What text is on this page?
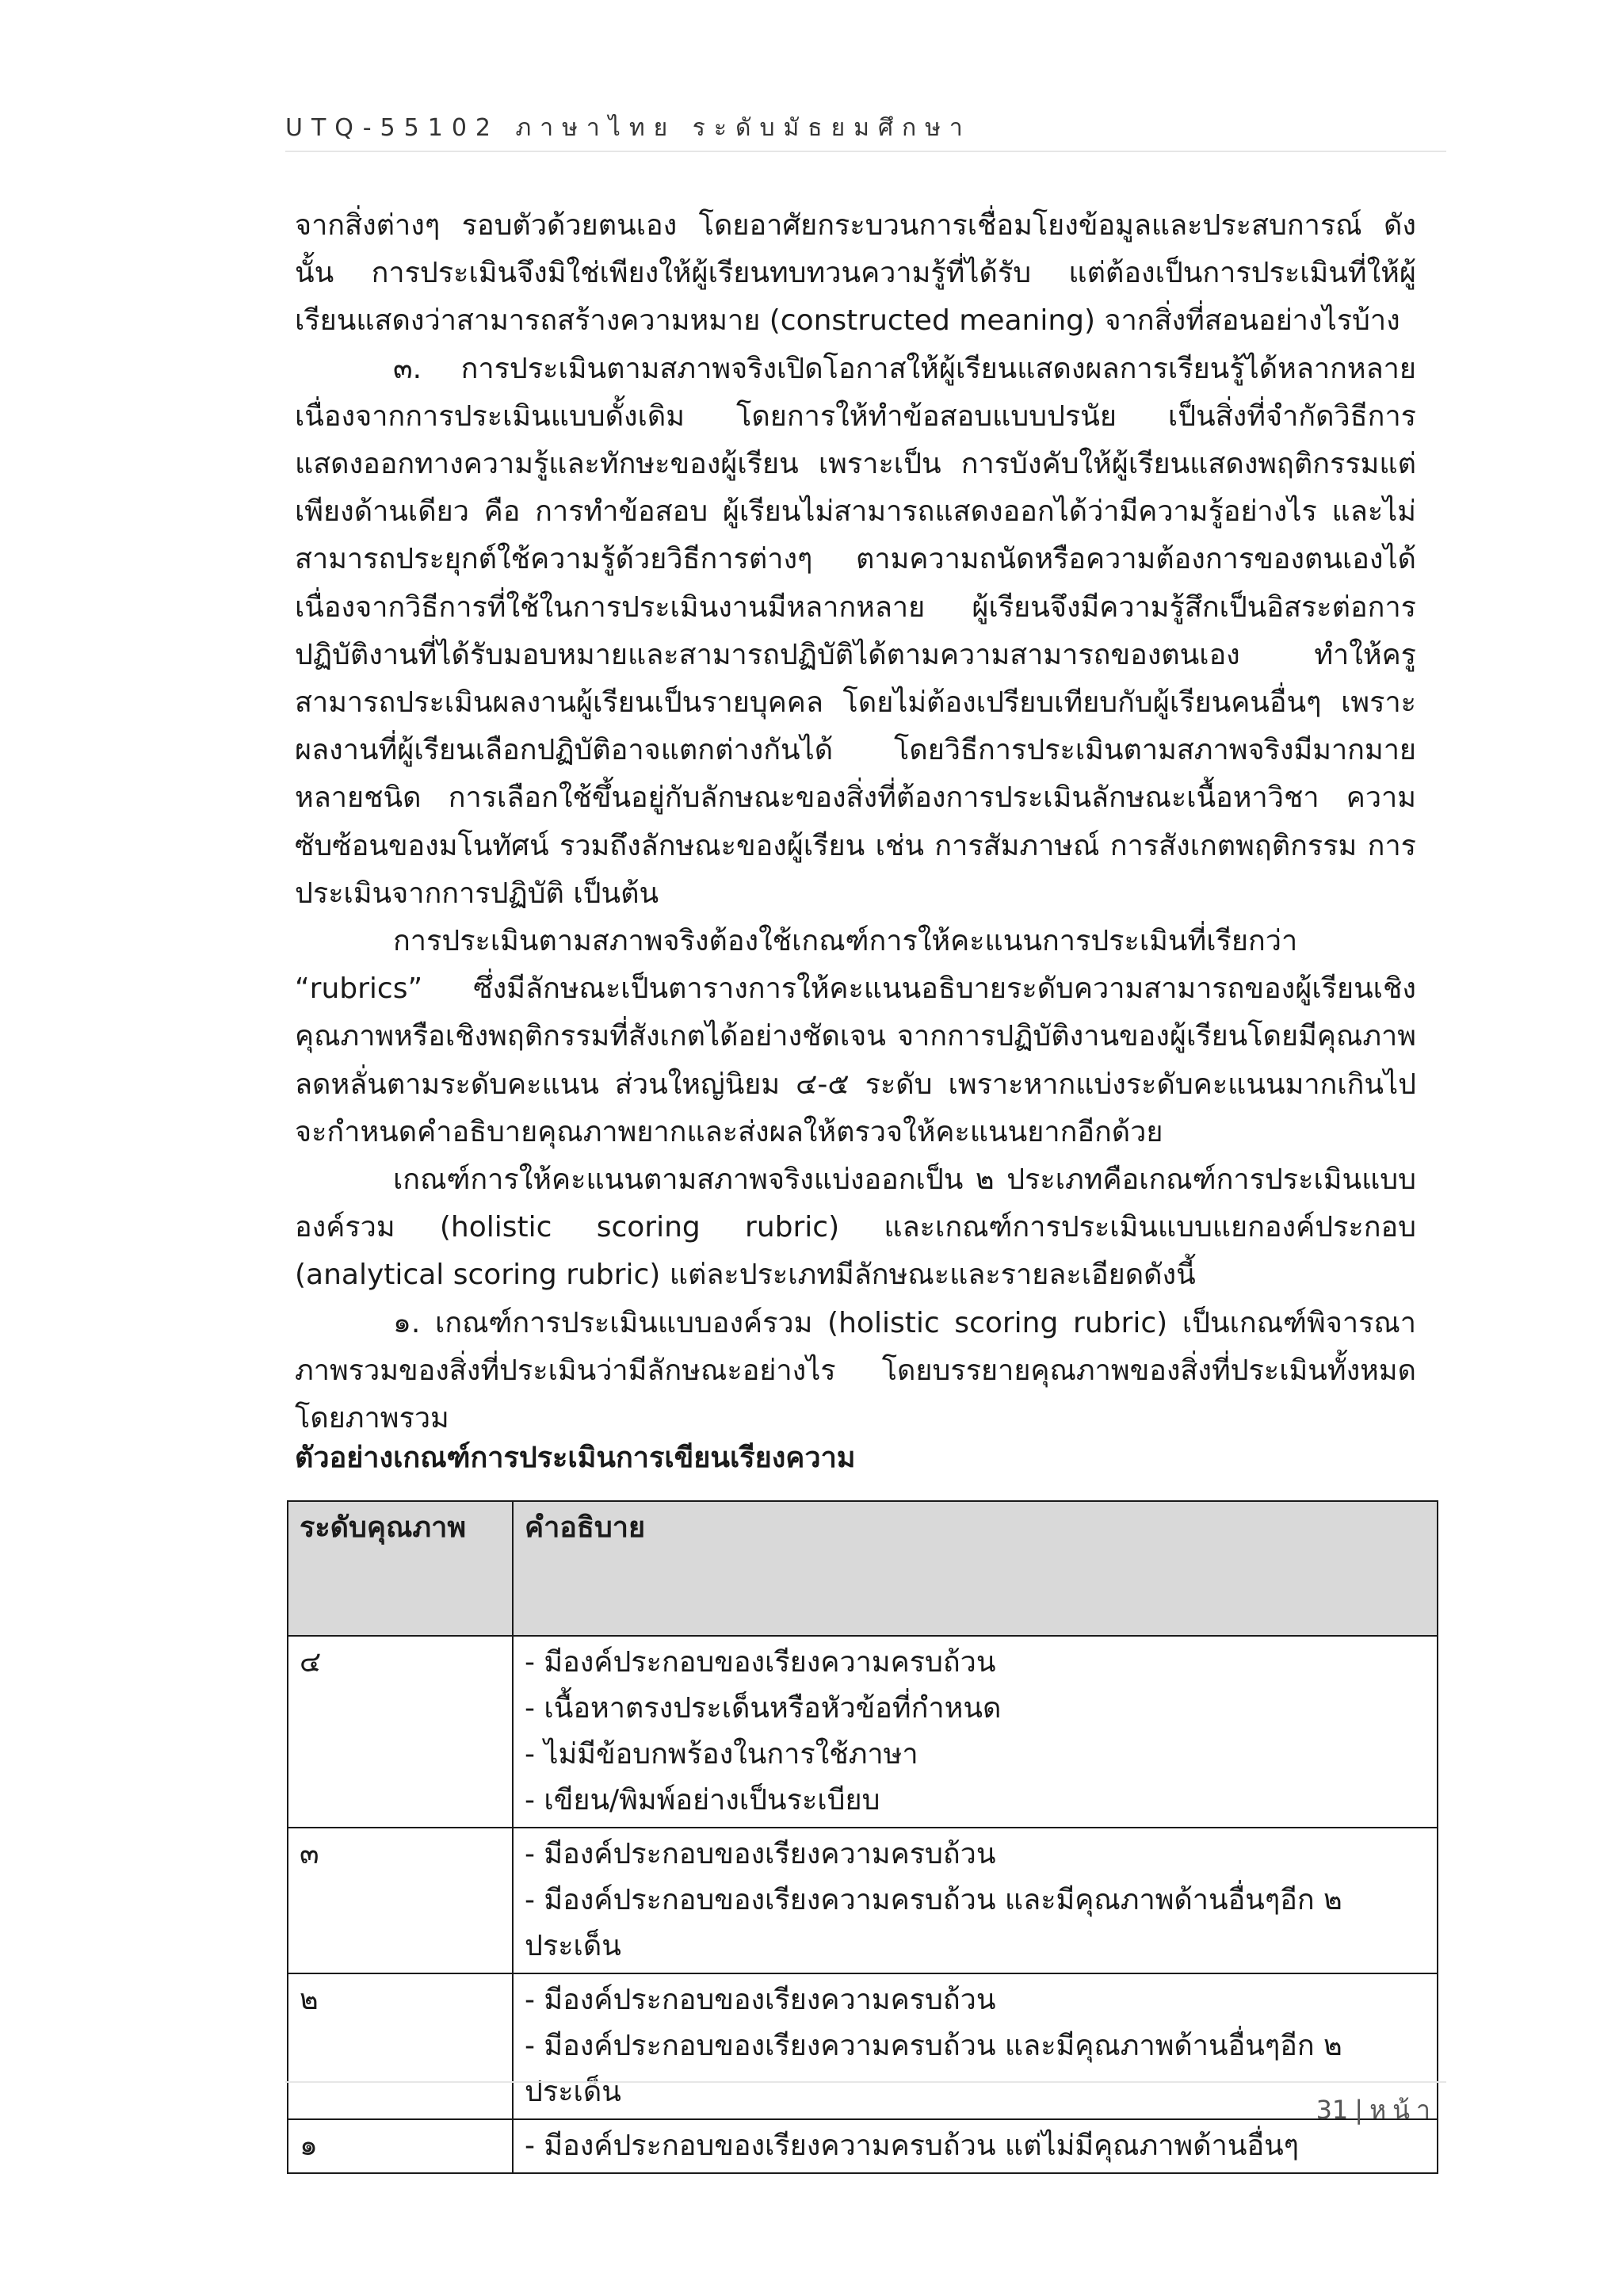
UTQ-55102 ภาษาไทย ระดับมัธยมศึกษา

จากสิ่งต่างๆ รอบตัวด้วยตนเอง โดยอาศัยกระบวนการเชื่อมโยงข้อมูลและประสบการณ์ ดังนั้น การประเมินจึงมิใช่เพียงให้ผู้เรียนทบทวนความรู้ที่ได้รับ แต่ต้องเป็นการประเมินที่ให้ผู้เรียนแสดงว่าสามารถสร้างความหมาย (constructed meaning) จากสิ่งที่สอนอย่างไรบ้าง

๓. การประเมินตามสภาพจริงเปิดโอกาสให้ผู้เรียนแสดงผลการเรียนรู้ได้หลากหลาย เนื่องจากการประเมินแบบดั้งเดิม โดยการให้ทำข้อสอบแบบปรนัย เป็นสิ่งที่จำกัดวิธีการแสดงออกทางความรู้และทักษะของผู้เรียน เพราะเป็น การบังคับให้ผู้เรียนแสดงพฤติกรรมแต่เพียงด้านเดียว คือ การทำข้อสอบ ผู้เรียนไม่สามารถแสดงออกได้ว่ามีความรู้อย่างไร และไม่สามารถประยุกต์ใช้ความรู้ด้วยวิธีการต่างๆ ตามความถนัดหรือความต้องการของตนเองได้ เนื่องจากวิธีการที่ใช้ในการประเมินงานมีหลากหลาย ผู้เรียนจึงมีความรู้สึกเป็นอิสระต่อการปฏิบัติงานที่ได้รับมอบหมายและสามารถปฏิบัติได้ตามความสามารถของตนเอง ทำให้ครูสามารถประเมินผลงานผู้เรียนเป็นรายบุคคล โดยไม่ต้องเปรียบเทียบกับผู้เรียนคนอื่นๆ เพราะผลงานที่ผู้เรียนเลือกปฏิบัติอาจแตกต่างกันได้ โดยวิธีการประเมินตามสภาพจริงมีมากมายหลายชนิด การเลือกใช้ขึ้นอยู่กับลักษณะของสิ่งที่ต้องการประเมินลักษณะเนื้อหาวิชา ความซับซ้อนของมโนทัศน์ รวมถึงลักษณะของผู้เรียน เช่น การสัมภาษณ์ การสังเกตพฤติกรรม การประเมินจากการปฏิบัติ เป็นต้น

การประเมินตามสภาพจริงต้องใช้เกณฑ์การให้คะแนนการประเมินที่เรียกว่า “rubrics” ซึ่งมีลักษณะเป็นตารางการให้คะแนนอธิบายระดับความสามารถของผู้เรียนเชิงคุณภาพหรือเชิงพฤติกรรมที่สังเกตได้อย่างชัดเจน จากการปฏิบัติงานของผู้เรียนโดยมีคุณภาพลดหลั่นตามระดับคะแนน ส่วนใหญ่นิยม ๔-๕ ระดับ เพราะหากแบ่งระดับคะแนนมากเกินไป จะกำหนดคำอธิบายคุณภาพยากและส่งผลให้ตรวจให้คะแนนยากอีกด้วย

เกณฑ์การให้คะแนนตามสภาพจริงแบ่งออกเป็น ๒ ประเภทคือเกณฑ์การประเมินแบบองค์รวม (holistic scoring rubric) และเกณฑ์การประเมินแบบแยกองค์ประกอบ (analytical scoring rubric) แต่ละประเภทมีลักษณะและรายละเอียดดังนี้

๑. เกณฑ์การประเมินแบบองค์รวม (holistic scoring rubric) เป็นเกณฑ์พิจารณาภาพรวมของสิ่งที่ประเมินว่ามีลักษณะอย่างไร โดยบรรยายคุณภาพของสิ่งที่ประเมินทั้งหมดโดยภาพรวม

ตัวอย่างเกณฑ์การประเมินการเขียนเรียงความ
ระดับคุณภาพ	คำอธิบาย
๔	- มีองค์ประกอบของเรียงความครบถ้วน
- เนื้อหาตรงประเด็นหรือหัวข้อที่กำหนด
- ไม่มีข้อบกพร้องในการใช้ภาษา
- เขียน/พิมพ์อย่างเป็นระเบียบ

๓	- มีองค์ประกอบของเรียงความครบถ้วน
- มีองค์ประกอบของเรียงความครบถ้วน และมีคุณภาพด้านอื่นๆอีก ๒ ประเด็น

๒	- มีองค์ประกอบของเรียงความครบถ้วน
- มีองค์ประกอบของเรียงความครบถ้วน และมีคุณภาพด้านอื่นๆอีก ๒ ประเด็น

๑	- มีองค์ประกอบของเรียงความครบถ้วน แต่ไม่มีคุณภาพด้านอื่นๆ
31 | หน้า
